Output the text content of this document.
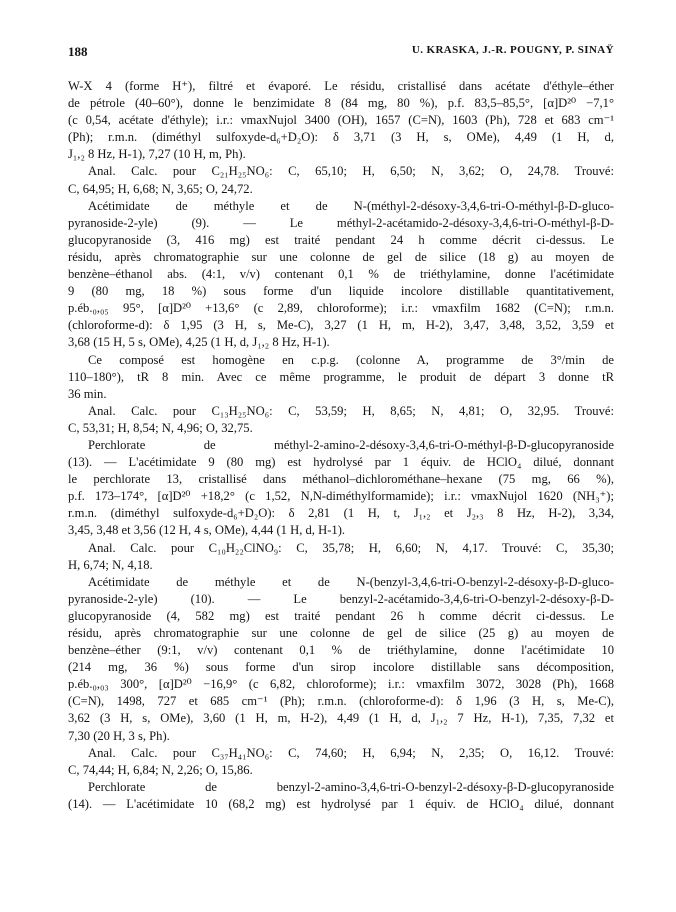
188	U. KRASKA, J.-R. POUGNY, P. SINAŸ
W-X 4 (forme H⁺), filtré et évaporé. Le résidu, cristallisé dans acétate d'éthyle–éther
de pétrole (40–60°), donne le benzimidate 8 (84 mg, 80 %), p.f. 83,5–85,5°, [α]D²⁰ −7,1°
(c 0,54, acétate d'éthyle); i.r.: νmaxNujol 3400 (OH), 1657 (C=N), 1603 (Ph), 728 et 683 cm⁻¹
(Ph); r.m.n. (diméthyl sulfoxyde-d₆+D₂O): δ 3,71 (3 H, s, OMe), 4,49 (1 H, d,
J₁,₂ 8 Hz, H-1), 7,27 (10 H, m, Ph).
Anal. Calc. pour C₂₁H₂₅NO₆: C, 65,10; H, 6,50; N, 3,62; O, 24,78. Trouvé:
C, 64,95; H, 6,68; N, 3,65; O, 24,72.
Acétimidate de méthyle et de N-(méthyl-2-désoxy-3,4,6-tri-O-méthyl-β-D-gluco-
pyranoside-2-yle) (9). — Le méthyl-2-acétamido-2-désoxy-3,4,6-tri-O-méthyl-β-D-
glucopyranoside (3, 416 mg) est traité pendant 24 h comme décrit ci-dessus. Le
résidu, après chromatographie sur une colonne de gel de silice (18 g) au moyen de
benzène–éthanol abs. (4:1, v/v) contenant 0,1 % de triéthylamine, donne l'acétimidate
9 (80 mg, 18 %) sous forme d'un liquide incolore distillable quantitativement,
p.éb.₀,₀₅ 95°, [α]D²⁰ +13,6° (c 2,89, chloroforme); i.r.: νmaxfilm 1682 (C=N); r.m.n.
(chloroforme-d): δ 1,95 (3 H, s, Me-C), 3,27 (1 H, m, H-2), 3,47, 3,48, 3,52, 3,59 et
3,68 (15 H, 5 s, OMe), 4,25 (1 H, d, J₁,₂ 8 Hz, H-1).
Ce composé est homogène en c.p.g. (colonne A, programme de 3°/min de
110–180°), tR 8 min. Avec ce même programme, le produit de départ 3 donne tR
36 min.
Anal. Calc. pour C₁₃H₂₅NO₆: C, 53,59; H, 8,65; N, 4,81; O, 32,95. Trouvé:
C, 53,31; H, 8,54; N, 4,96; O, 32,75.
Perchlorate de méthyl-2-amino-2-désoxy-3,4,6-tri-O-méthyl-β-D-glucopyranoside
(13). — L'acétimidate 9 (80 mg) est hydrolysé par 1 équiv. de HClO₄ dilué, donnant
le perchlorate 13, cristallisé dans méthanol–dichlorométhane–hexane (75 mg, 66 %),
p.f. 173–174°, [α]D²⁰ +18,2° (c 1,52, N,N-diméthylformamide); i.r.: νmaxNujol 1620 (NH₃⁺);
r.m.n. (diméthyl sulfoxyde-d₆+D₂O): δ 2,81 (1 H, t, J₁,₂ et J₂,₃ 8 Hz, H-2), 3,34,
3,45, 3,48 et 3,56 (12 H, 4 s, OMe), 4,44 (1 H, d, H-1).
Anal. Calc. pour C₁₀H₂₂ClNO₉: C, 35,78; H, 6,60; N, 4,17. Trouvé: C, 35,30;
H, 6,74; N, 4,18.
Acétimidate de méthyle et de N-(benzyl-3,4,6-tri-O-benzyl-2-désoxy-β-D-gluco-
pyranoside-2-yle) (10). — Le benzyl-2-acétamido-3,4,6-tri-O-benzyl-2-désoxy-β-D-
glucopyranoside (4, 582 mg) est traité pendant 26 h comme décrit ci-dessus. Le
résidu, après chromatographie sur une colonne de gel de silice (25 g) au moyen de
benzène–éther (9:1, v/v) contenant 0,1 % de triéthylamine, donne l'acétimidate 10
(214 mg, 36 %) sous forme d'un sirop incolore distillable sans décomposition,
p.éb.₀,₀₃ 300°, [α]D²⁰ −16,9° (c 6,82, chloroforme); i.r.: νmaxfilm 3072, 3028 (Ph), 1668
(C=N), 1498, 727 et 685 cm⁻¹ (Ph); r.m.n. (chloroforme-d): δ 1,96 (3 H, s, Me-C),
3,62 (3 H, s, OMe), 3,60 (1 H, m, H-2), 4,49 (1 H, d, J₁,₂ 7 Hz, H-1), 7,35, 7,32 et
7,30 (20 H, 3 s, Ph).
Anal. Calc. pour C₃₇H₄₁NO₆: C, 74,60; H, 6,94; N, 2,35; O, 16,12. Trouvé:
C, 74,44; H, 6,84; N, 2,26; O, 15,86.
Perchlorate de benzyl-2-amino-3,4,6-tri-O-benzyl-2-désoxy-β-D-glucopyranoside
(14). — L'acétimidate 10 (68,2 mg) est hydrolysé par 1 équiv. de HClO₄ dilué, donnant
